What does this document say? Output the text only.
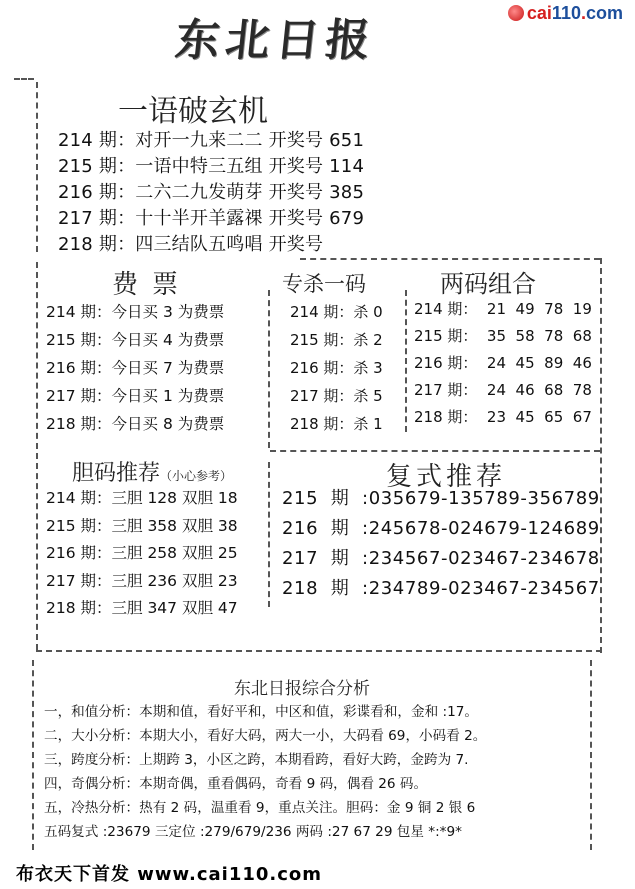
东北日报
cai110.com
一语破玄机
214 期：对开一九来二二 开奖号 651
215 期：一语中特三五组 开奖号 114
216 期：二六二九发萌芽 开奖号 385
217 期：十十半开羊露祼 开奖号 679
218 期：四三结队五鸣唱 开奖号
费票
214 期：今日买 3 为费票
215 期：今日买 4 为费票
216 期：今日买 7 为费票
217 期：今日买 1 为费票
218 期：今日买 8 为费票
专杀一码
214 期：杀 0
215 期：杀 2
216 期：杀 3
217 期：杀 5
218 期：杀 1
两码组合
214 期：  21  49  78  19
215 期：  35  58  78  68
216 期：  24  45  89  46
217 期：  24  46  68  78
218 期：  23  45  65  67
胆码推荐（小心参考）
214 期：三胆 128 双胆 18
215 期：三胆 358 双胆 38
216 期：三胆 258 双胆 25
217 期：三胆 236 双胆 23
218 期：三胆 347 双胆 47
复式推荐
215  期  :035679-135789-356789
216  期  :245678-024679-124689
217  期  :234567-023467-234678
218  期  :234789-023467-234567
东北日报综合分析
一，和值分析：本期和值，看好平和，中区和值，彩谍看和，金和 :17。
二，大小分析：本期大小，看好大码，两大一小，大码看 69，小码看 2。
三，跨度分析：上期跨 3，小区之跨，本期看跨，看好大跨，金跨为 7.
四，奇偶分析：本期奇偶，重看偶码，奇看 9 码，偶看 26 码。
五，冷热分析：热有 2 码，温重看 9，重点关注。胆码：金 9 铜 2 银 6
五码复式 :23679 三定位 :279/679/236 两码 :27 67 29 包星 *:*9*
布衣天下首发 www.cai110.com
